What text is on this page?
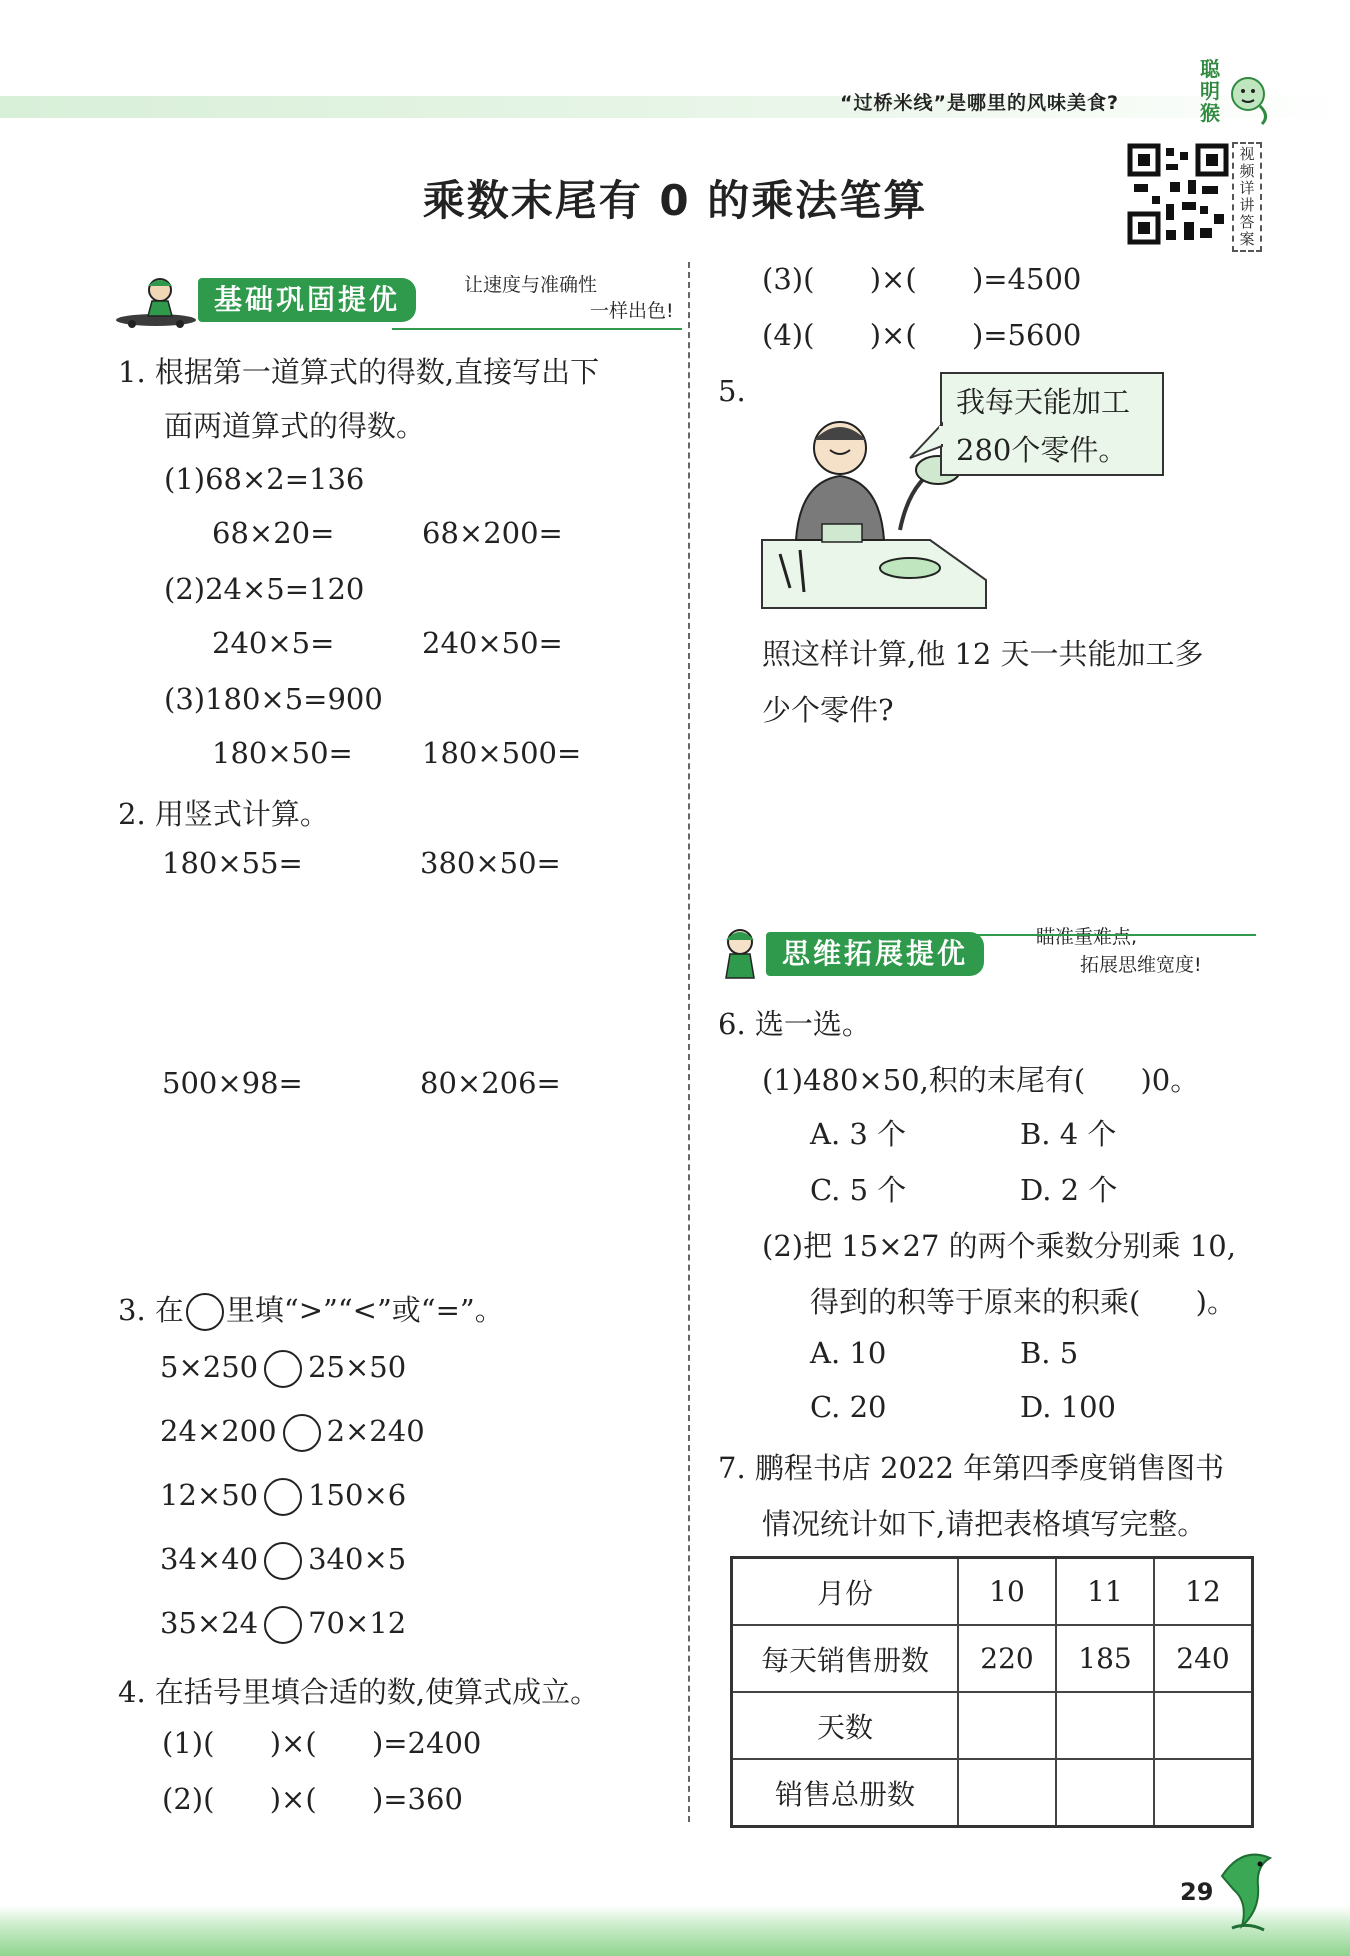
“过桥米线”是哪里的风味美食?
聪明猴
乘数末尾有 0 的乘法笔算
视频详讲答案
基础巩固提优	让速度与准确性
一样出色!
1. 根据第一道算式的得数,直接写出下
面两道算式的得数。
(1)68×2=136
68×20=	68×200=
(2)24×5=120
240×5=	240×50=
(3)180×5=900
180×50= 180×500=
2. 用竖式计算。
180×55=	380×50=
500×98=	80×206=
3. 在 里填“>”“<”或“=”。
5×250 25×50
24×200 2×240
12×50 150×6
34×40 340×5
35×24 70×12
4. 在括号里填合适的数,使算式成立。
(1)(      )×(      )=2400
(2)(      )×(      )=360
(3)(      )×(      )=4500
(4)(      )×(      )=5600
5.	我每天能加工
280个零件。
照这样计算,他 12 天一共能加工多
少个零件?
思维拓展提优	瞄准重难点,
拓展思维宽度!
6. 选一选。
(1)480×50,积的末尾有(      )0。
A. 3 个	B. 4 个
C. 5 个	D. 2 个
(2)把 15×27 的两个乘数分别乘 10,
得到的积等于原来的积乘(      )。
A. 10	B. 5
C. 20	D. 100
7. 鹏程书店 2022 年第四季度销售图书
情况统计如下,请把表格填写完整。
月份	10	11	12
每天销售册数	220	185	240
天数			
销售总册数			
29
